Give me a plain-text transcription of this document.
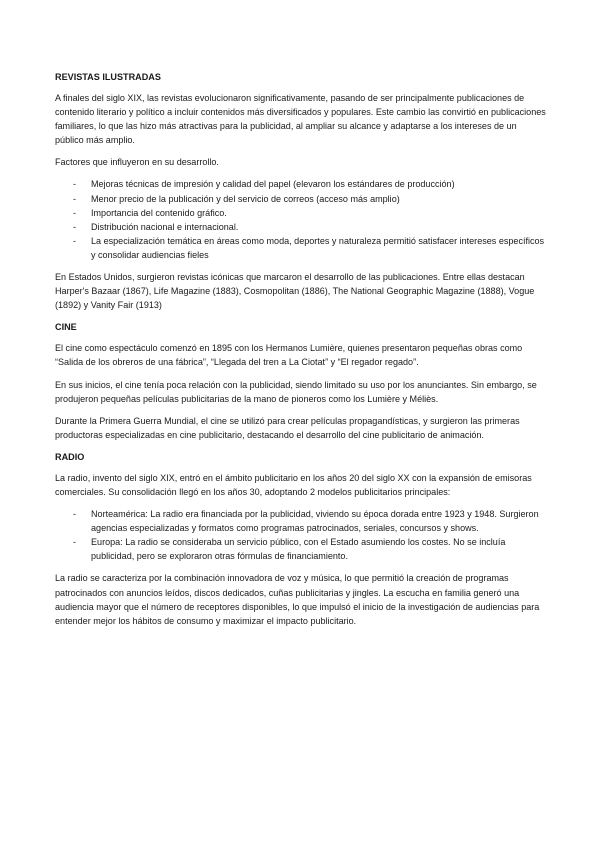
REVISTAS ILUSTRADAS

A finales del siglo XIX, las revistas evolucionaron significativamente, pasando de ser principalmente publicaciones de contenido literario y político a incluir contenidos más diversificados y populares. Este cambio las convirtió en publicaciones familiares, lo que las hizo más atractivas para la publicidad, al ampliar su alcance y adaptarse a los intereses de un público más amplio.

Factores que influyeron en su desarrollo.

- Mejoras técnicas de impresión y calidad del papel (elevaron los estándares de producción)
- Menor precio de la publicación y del servicio de correos (acceso más amplio)
- Importancia del contenido gráfico.
- Distribución nacional e internacional.
- La especialización temática en áreas como moda, deportes y naturaleza permitió satisfacer intereses específicos y consolidar audiencias fieles

En Estados Unidos, surgieron revistas icónicas que marcaron el desarrollo de las publicaciones. Entre ellas destacan Harper's Bazaar (1867), Life Magazine (1883), Cosmopolitan (1886), The National Geographic Magazine (1888), Vogue (1892) y Vanity Fair (1913)

CINE

El cine como espectáculo comenzó en 1895 con los Hermanos Lumière, quienes presentaron pequeñas obras como “Salida de los obreros de una fábrica”, “Llegada del tren a La Ciotat” y “El regador regado”.

En sus inicios, el cine tenía poca relación con la publicidad, siendo limitado su uso por los anunciantes. Sin embargo, se produjeron pequeñas películas publicitarias de la mano de pioneros como los Lumière y Méliès.

Durante la Primera Guerra Mundial, el cine se utilizó para crear películas propagandísticas, y surgieron las primeras productoras especializadas en cine publicitario, destacando el desarrollo del cine publicitario de animación.

RADIO

La radio, invento del siglo XIX, entró en el ámbito publicitario en los años 20 del siglo XX con la expansión de emisoras comerciales. Su consolidación llegó en los años 30, adoptando 2 modelos publicitarios principales:

- Norteamérica: La radio era financiada por la publicidad, viviendo su época dorada entre 1923 y 1948. Surgieron agencias especializadas y formatos como programas patrocinados, seriales, concursos y shows.
- Europa: La radio se consideraba un servicio público, con el Estado asumiendo los costes. No se incluía publicidad, pero se exploraron otras fórmulas de financiamiento.

La radio se caracteriza por la combinación innovadora de voz y música, lo que permitió la creación de programas patrocinados con anuncios leídos, discos dedicados, cuñas publicitarias y jingles. La escucha en familia generó una audiencia mayor que el número de receptores disponibles, lo que impulsó el inicio de la investigación de audiencias para entender mejor los hábitos de consumo y maximizar el impacto publicitario.
